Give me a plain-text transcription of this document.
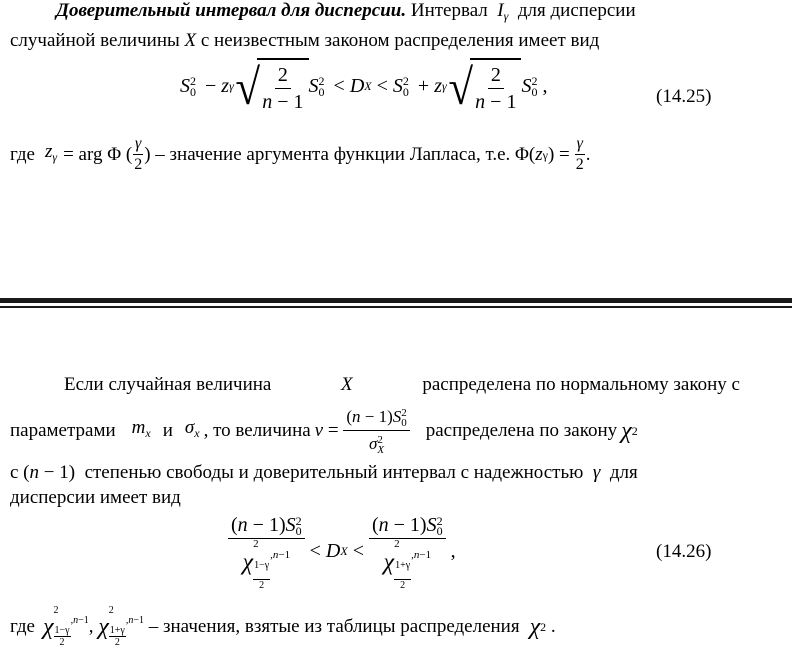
Доверительный интервал для дисперсии. Интервал  $I_\gamma$ для дисперсии
случайной величины X с неизвестным законом распределения имеет вид
S 2
0 − z γ √ $\frac{2}{n - 1}$ S 2
0 < D X < S 2
0 + z γ √ $\frac{2}{n - 1}$ S 2
0 ,	(14.25)
где $z_\gamma$ = arg Φ ( $\frac{\gamma}{2}$ ) – значение аргумента функции Лапласа, т.е. Φ( z γ ) = $\frac{\gamma}{2}$ .
Если случайная величина	X	распределена по нормальному закону с
параметрами $m_x$ и $\sigma_x$ , то величина v = (n − 1)S 2
0
σ 2
X распределена по закону χ 2
с (n − 1)  степенью свободы и доверительный интервал с надежностью  γ  для
дисперсии имеет вид
(n − 1)S 2
0
χ
2
$\frac{1-\gamma}{2} ,n-1 < D$ X < (n − 1)S 2
0
χ
2
$\frac{1+\gamma}{2} ,n-1$ ,	(14.26)
где χ
2
$\frac{1-\gamma}{2}$
,n−1 , χ
2
$\frac{1+\gamma}{2}$
,n−1
– значения, взятые из таблицы распределения χ 2 .
